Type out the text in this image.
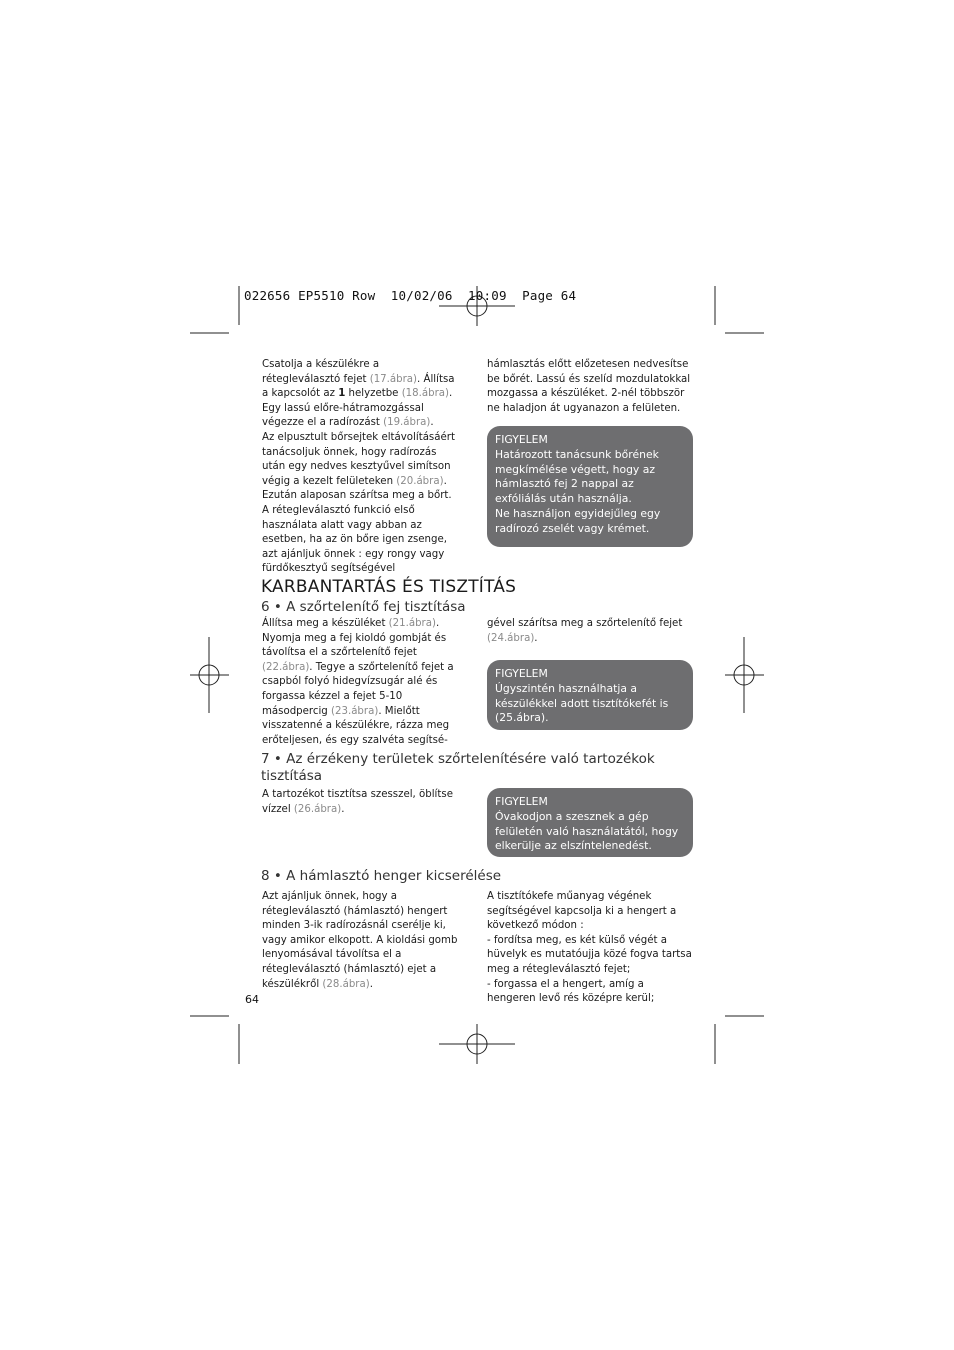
022656 EP5510 Row  10/02/06  10:09  Page 64

Csatolja a készülékre a rétegleválasztó fejet (17.ábra). Állítsa a kapcsolót az 1 helyzetbe (18.ábra). Egy lassú előre-hátramozgással végezze el a radírozást (19.ábra).

Az elpusztult bőrsejtek eltávolításáért tanácsoljuk önnek, hogy radírozás után egy nedves kesztyűvel simítson végig a kezelt felületeken (20.ábra). Ezután alaposan szárítsa meg a bőrt.

A rétegleválasztó funkció első használata alatt vagy abban az esetben, ha az ön bőre igen zsenge, azt ajánljuk önnek : egy rongy vagy fürdőkesztyű segítségével

hámlasztás előtt előzetesen nedvesítse be bőrét. Lassú és szelíd mozdulatokkal mozgassa a készüléket. 2-nél többször ne haladjon át ugyanazon a felületen.

FIGYELEM

Határozott tanácsunk bőrének megkímélése végett, hogy az hámlasztó fej 2 nappal az exfóliálás után használja.

Ne használjon egyidejűleg egy radírozó zselét vagy krémet.

KARBANTARTÁS ÉS TISZTÍTÁS
6 • A szőrtelenítő fej tisztítása

Állítsa meg a készüléket (21.ábra). Nyomja meg a fej kioldó gombját és távolítsa el a szőrtelenítő fejet (22.ábra). Tegye a szőrtelenítő fejet a csapból folyó hidegvízsugár alé és forgassa kézzel a fejet 5-10 másodpercig (23.ábra). Mielőtt visszatenné a készülékre, rázza meg erőteljesen, és egy szalvéta segítsé-

gével szárítsa meg a szőrtelenítő fejet (24.ábra).

FIGYELEM

Úgyszintén használhatja a készülékkel adott tisztítókefét is (25.ábra).

7 • Az érzékeny területek szőrtelenítésére való tartozékok tisztítása

A tartozékot tisztítsa szesszel, öblítse vízzel (26.ábra).

FIGYELEM

Óvakodjon a szesznek a gép felületén való használatától, hogy elkerülje az elszíntelenedést.

8 • A hámlasztó henger kicserélése

Azt ajánljuk önnek, hogy a rétegleválasztó (hámlasztó) hengert minden 3-ik radírozásnál cserélje ki, vagy amikor elkopott. A kioldási gomb lenyomásával távolítsa el a rétegleválasztó (hámlasztó) ejet a készülékről (28.ábra).

A tisztítókefe műanyag végének segítségével kapcsolja ki a hengert a következő módon :

- fordítsa meg, es két külső végét a hüvelyk es mutatóujja közé fogva tartsa meg a rétegleválasztó fejet;

- forgassa el a hengert, amíg a hengeren levő rés középre kerül;

64
